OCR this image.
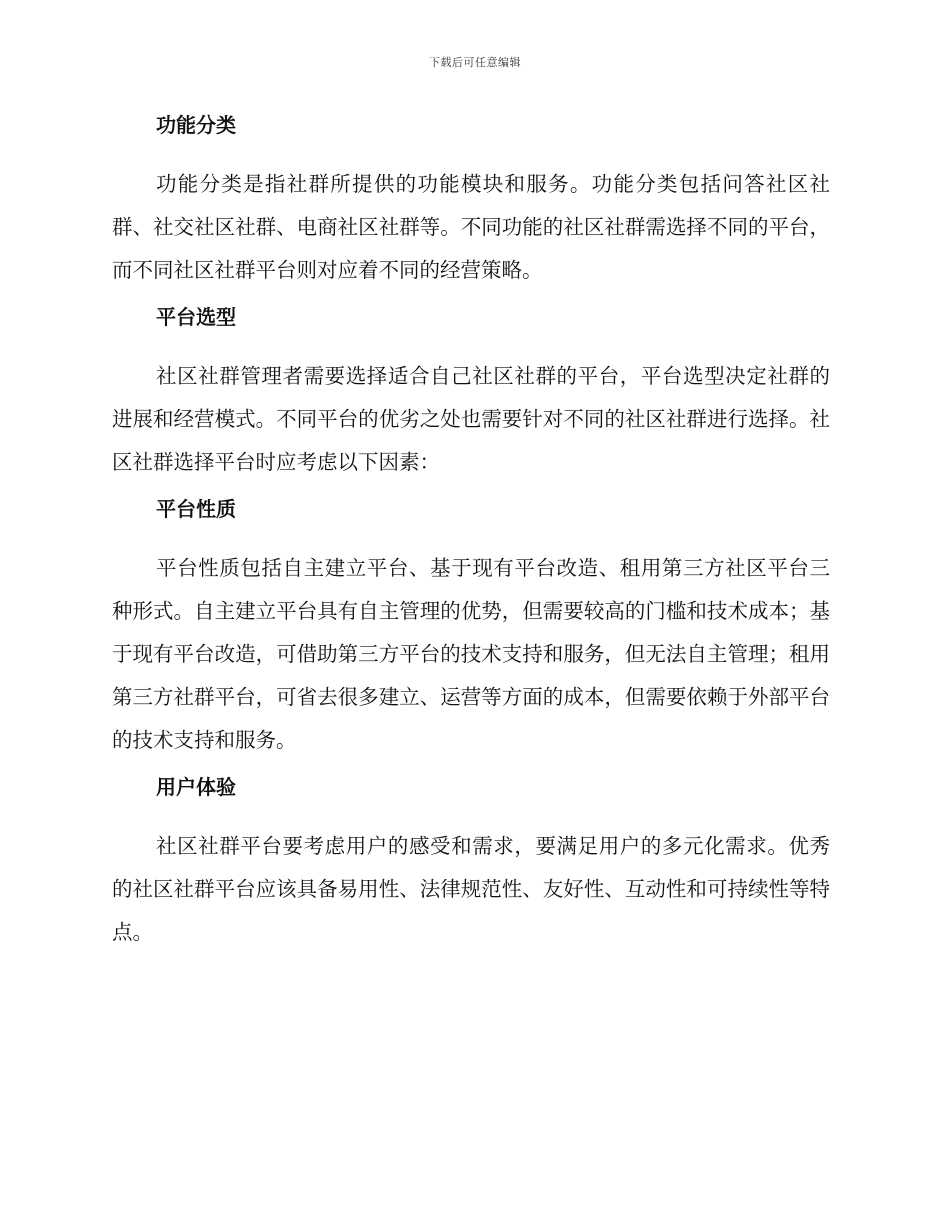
下载后可任意编辑
功能分类

功能分类是指社群所提供的功能模块和服务。功能分类包括问答社区社群、社交社区社群、电商社区社群等。不同功能的社区社群需选择不同的平台，而不同社区社群平台则对应着不同的经营策略。

平台选型

社区社群管理者需要选择适合自己社区社群的平台，平台选型决定社群的进展和经营模式。不同平台的优劣之处也需要针对不同的社区社群进行选择。社区社群选择平台时应考虑以下因素：

平台性质

平台性质包括自主建立平台、基于现有平台改造、租用第三方社区平台三种形式。自主建立平台具有自主管理的优势，但需要较高的门槛和技术成本；基于现有平台改造，可借助第三方平台的技术支持和服务，但无法自主管理；租用第三方社群平台，可省去很多建立、运营等方面的成本，但需要依赖于外部平台的技术支持和服务。

用户体验

社区社群平台要考虑用户的感受和需求，要满足用户的多元化需求。优秀的社区社群平台应该具备易用性、法律规范性、友好性、互动性和可持续性等特点。
